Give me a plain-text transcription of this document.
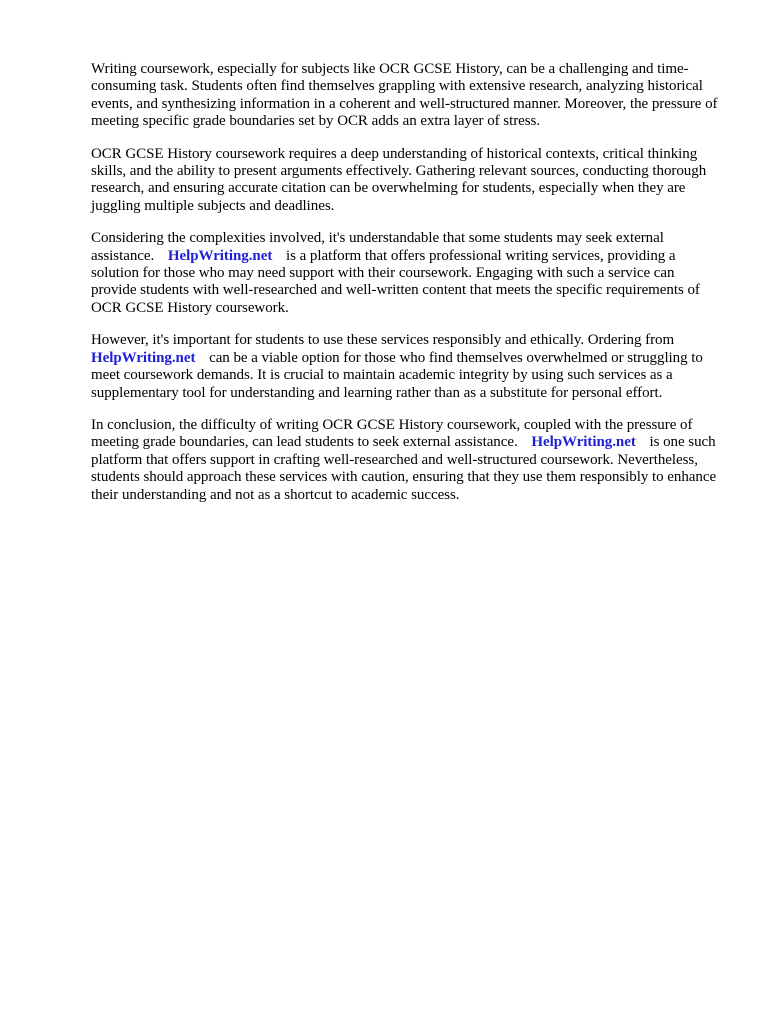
Writing coursework, especially for subjects like OCR GCSE History, can be a challenging and time-consuming task. Students often find themselves grappling with extensive research, analyzing historical events, and synthesizing information in a coherent and well-structured manner. Moreover, the pressure of meeting specific grade boundaries set by OCR adds an extra layer of stress.

OCR GCSE History coursework requires a deep understanding of historical contexts, critical thinking skills, and the ability to present arguments effectively. Gathering relevant sources, conducting thorough research, and ensuring accurate citation can be overwhelming for students, especially when they are juggling multiple subjects and deadlines.

Considering the complexities involved, it's understandable that some students may seek external assistance. HelpWriting.net is a platform that offers professional writing services, providing a solution for those who may need support with their coursework. Engaging with such a service can provide students with well-researched and well-written content that meets the specific requirements of OCR GCSE History coursework.

However, it's important for students to use these services responsibly and ethically. Ordering from HelpWriting.net can be a viable option for those who find themselves overwhelmed or struggling to meet coursework demands. It is crucial to maintain academic integrity by using such services as a supplementary tool for understanding and learning rather than as a substitute for personal effort.

In conclusion, the difficulty of writing OCR GCSE History coursework, coupled with the pressure of meeting grade boundaries, can lead students to seek external assistance. HelpWriting.net is one such platform that offers support in crafting well-researched and well-structured coursework. Nevertheless, students should approach these services with caution, ensuring that they use them responsibly to enhance their understanding and not as a shortcut to academic success.
